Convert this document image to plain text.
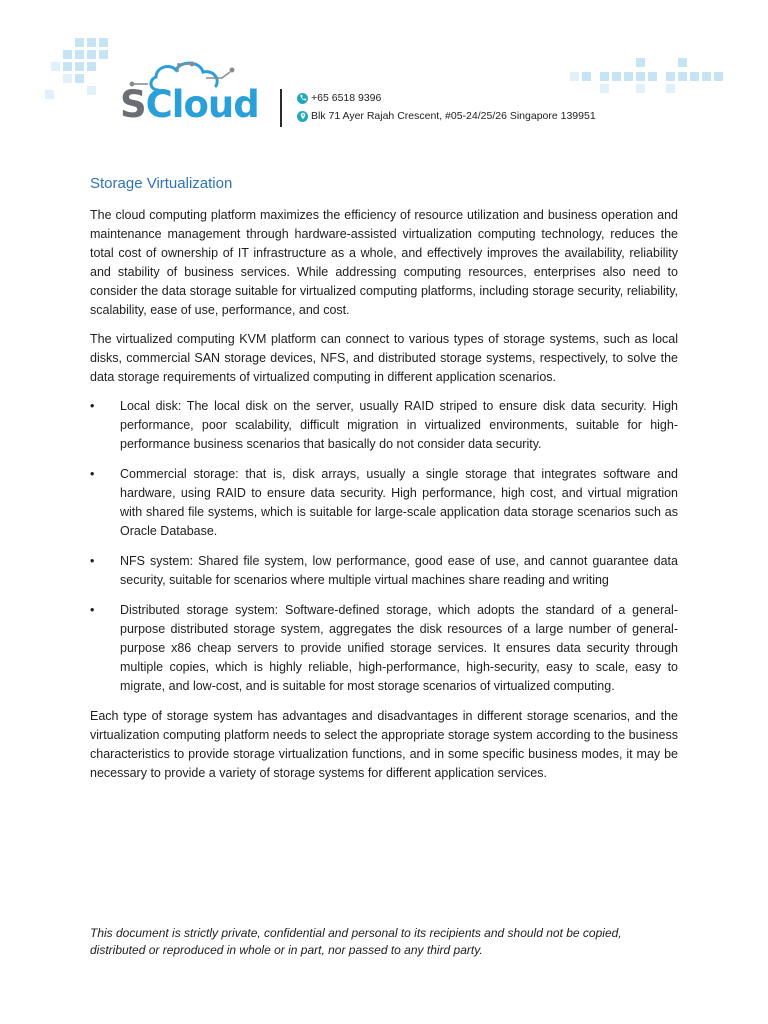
SCloud	+65 6518 9396
Blk 71 Ayer Rajah Crescent, #05-24/25/26 Singapore 139951
Storage Virtualization

The cloud computing platform maximizes the efficiency of resource utilization and business operation and maintenance management through hardware-assisted virtualization computing technology, reduces the total cost of ownership of IT infrastructure as a whole, and effectively improves the availability, reliability and stability of business services. While addressing computing resources, enterprises also need to consider the data storage suitable for virtualized computing platforms, including storage security, reliability, scalability, ease of use, performance, and cost.

The virtualized computing KVM platform can connect to various types of storage systems, such as local disks, commercial SAN storage devices, NFS, and distributed storage systems, respectively, to solve the data storage requirements of virtualized computing in different application scenarios.

• Local disk: The local disk on the server, usually RAID striped to ensure disk data security. High performance, poor scalability, difficult migration in virtualized environments, suitable for high-performance business scenarios that basically do not consider data security.
• Commercial storage: that is, disk arrays, usually a single storage that integrates software and hardware, using RAID to ensure data security. High performance, high cost, and virtual migration with shared file systems, which is suitable for large-scale application data storage scenarios such as Oracle Database.
• NFS system: Shared file system, low performance, good ease of use, and cannot guarantee data security, suitable for scenarios where multiple virtual machines share reading and writing
• Distributed storage system: Software-defined storage, which adopts the standard of a general-purpose distributed storage system, aggregates the disk resources of a large number of general-purpose x86 cheap servers to provide unified storage services. It ensures data security through multiple copies, which is highly reliable, high-performance, high-security, easy to scale, easy to migrate, and low-cost, and is suitable for most storage scenarios of virtualized computing.

Each type of storage system has advantages and disadvantages in different storage scenarios, and the virtualization computing platform needs to select the appropriate storage system according to the business characteristics to provide storage virtualization functions, and in some specific business modes, it may be necessary to provide a variety of storage systems for different application services.

This document is strictly private, confidential and personal to its recipients and should not be copied, distributed or reproduced in whole or in part, nor passed to any third party.
